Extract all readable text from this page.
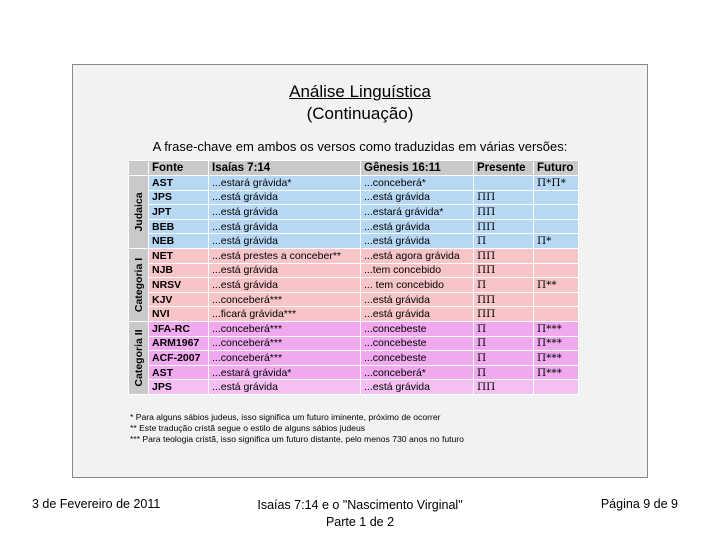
Análise Linguística
(Continuação)
A frase-chave em ambos os versos como traduzidas em várias versões:
	Fonte	Isaías 7:14	Gênesis 16:11	Presente	Futuro

Judaica	AST	...estará grávida*	...conceberá*		Π*Π*
	JPS	...está grávida	...está grávida	ΠΠ	
	JPT	...está grávida	...estará grávida*	ΠΠ	
	BEB	...está grávida	...está grávida	ΠΠ	
	NEB	...está grávida	...está grávida	Π	Π*

Categoria I	NET	...está prestes a conceber**	...está agora grávida	ΠΠ	
	NJB	...está grávida	...tem concebido	ΠΠ	
	NRSV	...está grávida	... tem concebido	Π	Π**
	KJV	...conceberá***	...está grávida	ΠΠ	
	NVI	...ficará grávida***	...está grávida	ΠΠ	

Categoria II	JFA-RC	...conceberá***	...concebeste	Π	Π***
	ARM1967	...conceberá***	...concebeste	Π	Π***
	ACF-2007	...conceberá***	...concebeste	Π	Π***
	AST	...estará grávida*	...conceberá*	Π	Π***
	JPS	...está grávida	...está grávida	ΠΠ	
* Para alguns sábios judeus, isso significa um futuro iminente, próximo de ocorrer
** Este tradução cristã segue o estilo de alguns sábios judeus
*** Para teologia cristã, isso significa um futuro distante, pelo menos 730 anos no futuro
3 de Fevereiro de 2011	Isaías 7:14 e o "Nascimento Virginal"
Parte 1 de 2
Página 9 de 9
